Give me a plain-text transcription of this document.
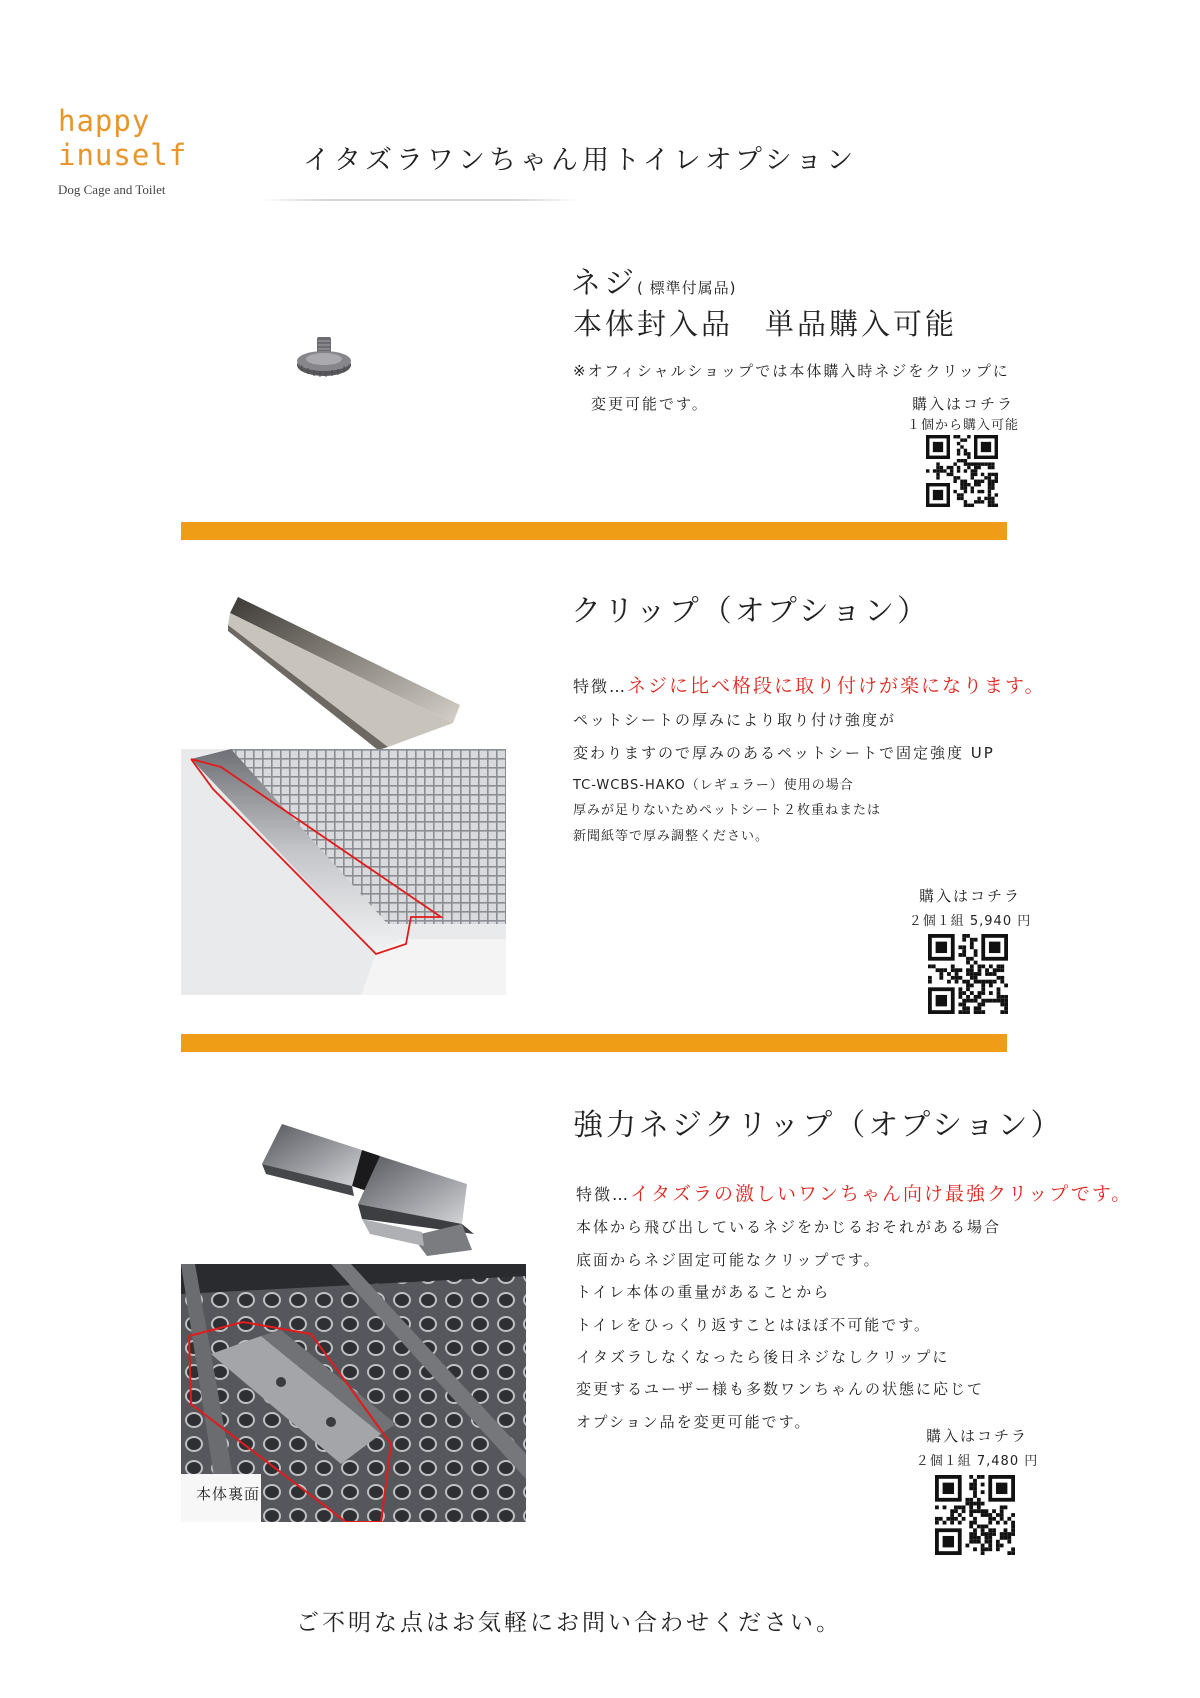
happy
inuself
Dog Cage and Toilet
イタズラワンちゃん用トイレオプション
ネジ( 標準付属品)
本体封入品　単品購入可能
※オフィシャルショップでは本体購入時ネジをクリップに
変更可能です。	購入はコチラ
１個から購入可能
クリップ（オプション）
特徴…ネジに比べ格段に取り付けが楽になります。
ペットシートの厚みにより取り付け強度が
変わりますので厚みのあるペットシートで固定強度 UP
TC-WCBS-HAKO（レギュラー）使用の場合
厚みが足りないためペットシート２枚重ねまたは
新聞紙等で厚み調整ください。
購入はコチラ
２個１組 5,940 円
本体裏面
強力ネジクリップ（オプション）
特徴…イタズラの激しいワンちゃん向け最強クリップです。
本体から飛び出しているネジをかじるおそれがある場合
底面からネジ固定可能なクリップです。
トイレ本体の重量があることから
トイレをひっくり返すことはほぼ不可能です。
イタズラしなくなったら後日ネジなしクリップに
変更するユーザー様も多数ワンちゃんの状態に応じて
オプション品を変更可能です。
購入はコチラ
２個１組 7,480 円
ご不明な点はお気軽にお問い合わせください。
